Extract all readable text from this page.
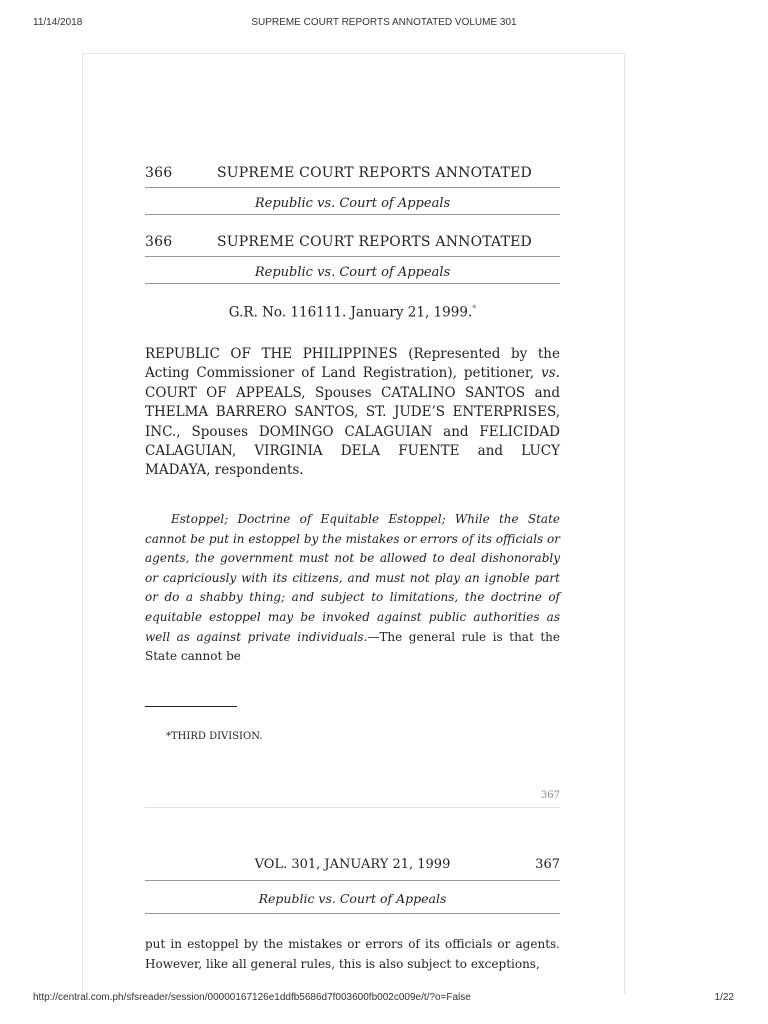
11/14/2018	SUPREME COURT REPORTS ANNOTATED VOLUME 301
366	SUPREME COURT REPORTS ANNOTATED
$_{Republic vs. Court of Appeals}$
366	SUPREME COURT REPORTS ANNOTATED
$_{Republic vs. Court of Appeals}$
G.R. No. 116111. January 21, 1999.*
REPUBLIC OF THE PHILIPPINES (Represented by the Acting Commissioner of Land Registration), petitioner, vs. COURT OF APPEALS, Spouses CATALINO SANTOS and THELMA BARRERO SANTOS, ST. JUDE’S ENTERPRISES, INC., Spouses DOMINGO CALAGUIAN and FELICIDAD CALAGUIAN, VIRGINIA DELA FUENTE and LUCY MADAYA, respondents.
Estoppel; Doctrine of Equitable Estoppel; While the State cannot be put in estoppel by the mistakes or errors of its officials or agents, the government must not be allowed to deal dishonorably or capriciously with its citizens, and must not play an ignoble part or do a shabby thing; and subject to limitations, the doctrine of equitable estoppel may be invoked against public authorities as well as against private individuals.—The general rule is that the State cannot be
*THIRD DIVISION.
367
VOL. 301, JANUARY 21, 1999	367
$_{Republic vs. Court of Appeals}$
put in estoppel by the mistakes or errors of its officials or agents. However, like all general rules, this is also subject to exceptions,
http://central.com.ph/sfsreader/session/00000167126e1ddfb5686d7f003600fb002c009e/t/?o=False	1/22
